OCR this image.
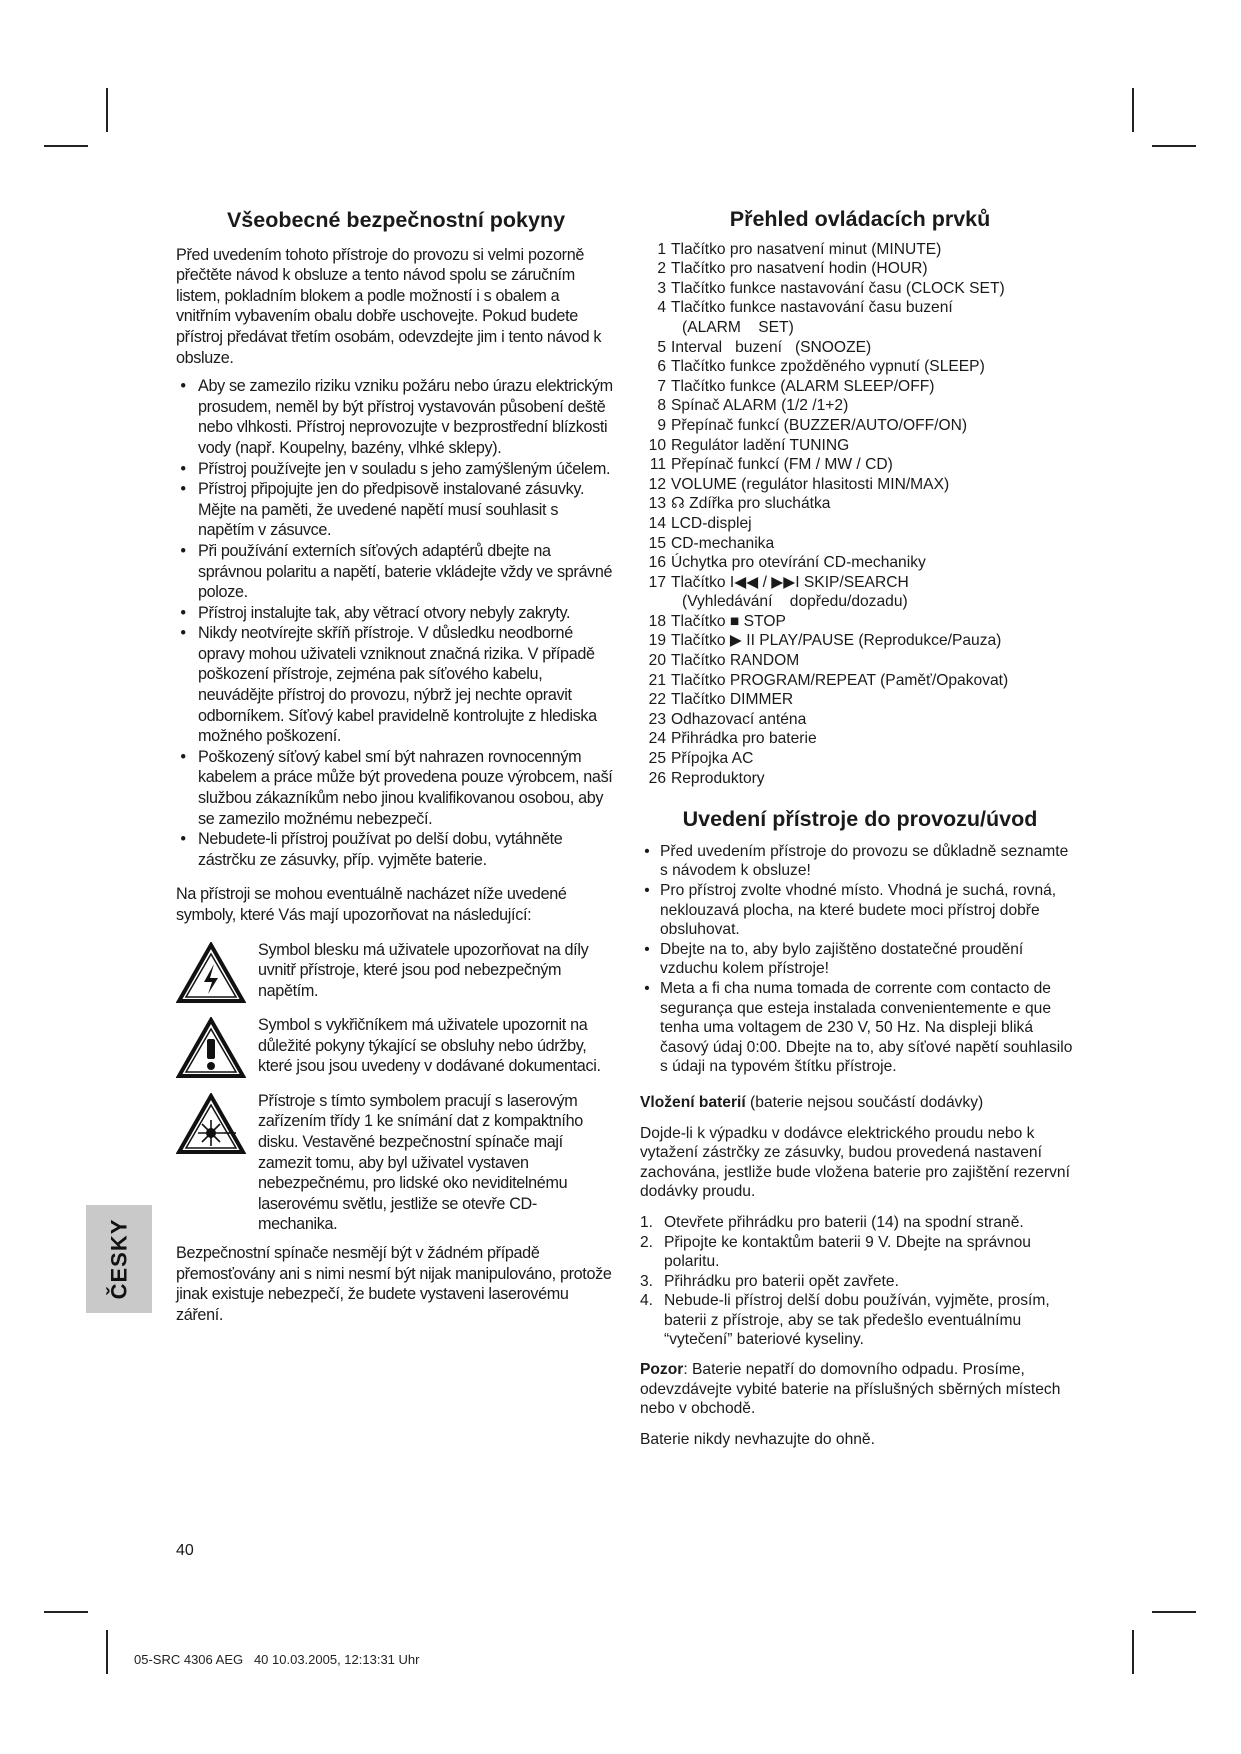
Všeobecné bezpečnostní pokyny

Před uvedením tohoto přístroje do provozu si velmi pozorně přečtěte návod k obsluze a tento návod spolu se záručním listem, pokladním blokem a podle možností i s obalem a vnitřním vybavením obalu dobře uschovejte. Pokud budete přístroj předávat třetím osobám, odevzdejte jim i tento návod k obsluze.

• Aby se zamezilo riziku vzniku požáru nebo úrazu elektrickým prosudem, neměl by být přístroj vystavován působení deště nebo vlhkosti. Přístroj neprovozujte v bezprostřední blízkosti vody (např. Koupelny, bazény, vlhké sklepy).
• Přístroj používejte jen v souladu s jeho zamýšleným účelem.
• Přístroj připojujte jen do předpisově instalované zásuvky. Mějte na paměti, že uvedené napětí musí souhlasit s napětím v zásuvce.
• Při používání externích síťových adaptérů dbejte na správnou polaritu a napětí, baterie vkládejte vždy ve správné poloze.
• Přístroj instalujte tak, aby větrací otvory nebyly zakryty.
• Nikdy neotvírejte skříň přístroje. V důsledku neodborné opravy mohou uživateli vzniknout značná rizika. V případě poškození přístroje, zejména pak síťového kabelu, neuvádějte přístroj do provozu, nýbrž jej nechte opravit odborníkem. Síťový kabel pravidelně kontrolujte z hlediska možného poškození.
• Poškozený síťový kabel smí být nahrazen rovnocenným kabelem a práce může být provedena pouze výrobcem, naší službou zákazníkům nebo jinou kvalifikovanou osobou, aby se zamezilo možnému nebezpečí.
• Nebudete-li přístroj používat po delší dobu, vytáhněte zástrčku ze zásuvky, příp. vyjměte baterie.

Na přístroji se mohou eventuálně nacházet níže uvedené symboly, které Vás mají upozorňovat na následující:

Symbol blesku má uživatele upozorňovat na díly uvnitř přístroje, které jsou pod nebezpečným napětím.
Symbol s vykřičníkem má uživatele upozornit na důležité pokyny týkající se obsluhy nebo údržby, které jsou jsou uvedeny v dodávané dokumentaci.
Přístroje s tímto symbolem pracují s laserovým zařízením třídy 1 ke snímání dat z kompaktního disku. Vestavěné bezpečnostní spínače mají zamezit tomu, aby byl uživatel vystaven nebezpečnému, pro lidské oko neviditelnému laserovému světlu, jestliže se otevře CD-mechanika.

Bezpečnostní spínače nesmějí být v žádném případě přemosťovány ani s nimi nesmí být nijak manipulováno, protože jinak existuje nebezpečí, že budete vystaveni laserovému záření.

Přehled ovládacích prvků
1 Tlačítko pro nasatvení minut (MINUTE)
2 Tlačítko pro nasatvení hodin (HOUR)
3 Tlačítko funkce nastavování času (CLOCK SET)
4 Tlačítko funkce nastavování času buzení
(ALARM    SET)
5 Interval   buzení   (SNOOZE)
6 Tlačítko funkce zpožděného vypnutí (SLEEP)
7 Tlačítko funkce (ALARM SLEEP/OFF)
8 Spínač ALARM (1/2 /1+2)
9 Přepínač funkcí (BUZZER/AUTO/OFF/ON)
10 Regulátor ladění TUNING
11 Přepínač funkcí (FM / MW / CD)
12 VOLUME (regulátor hlasitosti MIN/MAX)
13 ☊ Zdířka pro sluchátka
14 LCD-displej
15 CD-mechanika
16 Úchytka pro otevírání CD-mechaniky
17 Tlačítko I◀◀ / ▶▶I SKIP/SEARCH
(Vyhledávání    dopředu/dozadu)
18 Tlačítko ■ STOP
19 Tlačítko ▶ II PLAY/PAUSE (Reprodukce/Pauza)
20 Tlačítko RANDOM
21 Tlačítko PROGRAM/REPEAT (Paměť/Opakovat)
22 Tlačítko DIMMER
23 Odhazovací anténa
24 Přihrádka pro baterie
25 Přípojka AC
26 Reproduktory
Uvedení přístroje do provozu/úvod
• Před uvedením přístroje do provozu se důkladně seznamte s návodem k obsluze!
• Pro přístroj zvolte vhodné místo. Vhodná je suchá, rovná, neklouzavá plocha, na které budete moci přístroj dobře obsluhovat.
• Dbejte na to, aby bylo zajištěno dostatečné proudění vzduchu kolem přístroje!
• Meta a fi cha numa tomada de corrente com contacto de segurança que esteja instalada convenientemente e que tenha uma voltagem de 230 V, 50 Hz. Na displeji bliká časový údaj 0:00. Dbejte na to, aby síťové napětí souhlasilo s údaji na typovém štítku přístroje.

Vložení baterií (baterie nejsou součástí dodávky)

Dojde-li k výpadku v dodávce elektrického proudu nebo k vytažení zástrčky ze zásuvky, budou provedená nastavení zachována, jestliže bude vložena baterie pro zajištění rezervní dodávky proudu.

1. Otevřete přihrádku pro baterii (14) na spodní straně.
2. Připojte ke kontaktům baterii 9 V. Dbejte na správnou polaritu.
3. Přihrádku pro baterii opět zavřete.
4. Nebude-li přístroj delší dobu používán, vyjměte, prosím, baterii z přístroje, aby se tak předešlo eventuálnímu “vytečení” bateriové kyseliny.

Pozor: Baterie nepatří do domovního odpadu. Prosíme, odevzdávejte vybité baterie na příslušných sběrných místech nebo v obchodě.

Baterie nikdy nevhazujte do ohně.

ČESKY
40
05-SRC 4306 AEG   40 10.03.2005, 12:13:31 Uhr
